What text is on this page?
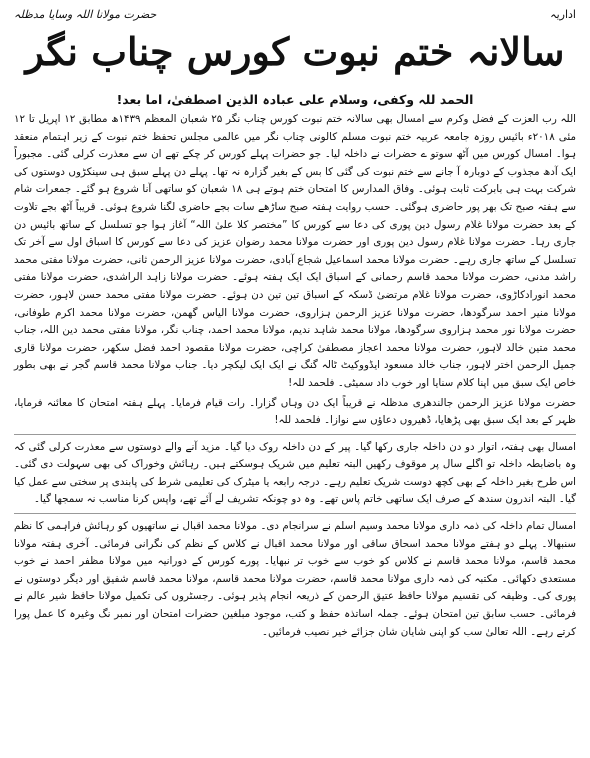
اداریہ
حضرت مولانا اللہ وسایا مدظلہ
سالانہ ختم نبوت کورس چناب نگر
الحمد للہ وکفی، وسلام علی عبادہ الذین اصطفیٰ، اما بعد!

اللہ رب العزت کے فضل وکرم سے امسال بھی سالانہ ختم نبوت کورس چناب نگر ۲۵ شعبان المعظم ۱۴۳۹ھ مطابق ۱۲ اپریل تا ۱۲ مئی ۲۰۱۸ء بائیس روزہ جامعہ عربیہ ختم نبوت مسلم کالونی چناب نگر میں عالمی مجلس تحفظ ختم نبوت کے زیر اہتمام منعقد ہوا۔ امسال کورس میں آٹھ سوتو ے حضرات نے داخلہ لیا۔ جو حضرات پہلے کورس کر چکے تھے ان سے معذرت کرلی گئی۔ مجبوراً ایک آدھ مجذوب کے دوبارہ آ جانے سے ختم نبوت کی گئی کا بس کے بغیر گزارہ نہ تھا۔ پہلے دن پہلے سبق ہی سینکڑوں دوستوں کی شرکت بہت ہی بابرکت ثابت ہوئی۔ وفاق المدارس کا امتحان ختم ہوتے ہی ۱۸ شعبان کو ساتھی آنا شروع ہو گئے۔ جمعرات شام سے ہفتہ صبح تک بھر پور حاضری ہوگئی۔ حسب روایت ہفتہ صبح ساڑھے سات بجے حاضری لگنا شروع ہوئی۔ قریباً آٹھ بجے تلاوت کے بعد حضرت مولانا غلام رسول دین پوری کی دعا سے کورس کا ”مختصر کلا علیٰ اللہ“ آغاز ہوا جو تسلسل کے ساتھ بائیس دن جاری رہا۔ حضرت مولانا غلام رسول دین پوری اور حضرت مولانا محمد رضوان عزیز کی دعا سے کورس کا اسباق اول سے آخر تک تسلسل کے ساتھ جاری رہے۔ حضرت مولانا محمد اسماعیل شجاع آبادی، حضرت مولانا عزیز الرحمن ثانی، حضرت مولانا مفتی محمد راشد مدنی، حضرت مولانا محمد قاسم رحمانی کے اسباق ایک ایک ہفتہ ہوئے۔ حضرت مولانا زاہد الراشدی، حضرت مولانا مفتی محمد انورادکاڑوی، حضرت مولانا غلام مرتضیٰ ڈسکہ کے اسباق تین تین دن ہوئے۔ حضرت مولانا مفتی محمد حسن لاہور، حضرت مولانا منیر احمد سرگودھا، حضرت مولانا عزیز الرحمن ہزاروی، حضرت مولانا الیاس گھمن، حضرت مولانا محمد اکرم طوفانی، حضرت مولانا نور محمد ہزاروی سرگودھا، مولانا محمد شاہد ندیم، مولانا محمد احمد، چناب نگر، مولانا مفتی محمد دین اللہ، جناب محمد متین خالد لاہور، حضرت مولانا محمد اعجاز مصطفیٰ کراچی، حضرت مولانا مقصود احمد فضل سکھر، حضرت مولانا قاری جمیل الرحمن اختر لاہور، جناب خالد مسعود ایڈووکیٹ ٹالہ گنگ نے ایک ایک لیکچر دیا۔ جناب مولانا محمد قاسم گجر نے بھی بطور خاص ایک سبق میں اپنا کلام سنایا اور خوب داد سمیٹی۔ فلحمد للہ!

حضرت مولانا عزیز الرحمن جالندھری مدظلہ نے قریباً ایک دن وہاں گزارا۔ رات قیام فرمایا۔ پہلے ہفتہ امتحان کا معائنہ فرمایا، ظہر کے بعد ایک سبق بھی پڑھایا، ڈھیروں دعاؤں سے نوازا۔ فلحمد للہ!

امسال بھی ہفتہ، اتوار دو دن داخلہ جاری رکھا گیا۔ پیر کے دن داخلہ روک دیا گیا۔ مزید آنے والے دوستوں سے معذرت کرلی گئی کہ وہ باضابطہ داخلہ تو اگلے سال پر موقوف رکھیں البتہ تعلیم میں شریک ہوسکتے ہیں۔ رہائش وخوراک کی بھی سہولت دی گئی۔ اس طرح بغیر داخلہ کے بھی کچھ دوست شریک تعلیم رہے۔ درجہ رابعہ یا میٹرک کی تعلیمی شرط کی پابندی پر سختی سے عمل کیا گیا۔ البتہ اندرون سندھ کے صرف ایک ساتھی خاتم پاس تھے۔ وہ دو چونکہ تشریف لے آئے تھے، واپس کرنا مناسب نہ سمجھا گیا۔

امسال تمام داخلہ کی ذمہ داری مولانا محمد وسیم اسلم نے سرانجام دی۔ مولانا محمد اقبال نے ساتھیوں کو رہائش فراہمی کا نظم سنبھالا۔ پہلے دو ہفتے مولانا محمد اسحاق ساقی اور مولانا محمد اقبال نے کلاس کے نظم کی نگرانی فرمائی۔ آخری ہفتہ مولانا محمد قاسم، مولانا محمد قاسم نے کلاس کو خوب سے خوب تر نبھایا۔ پورے کورس کے دورانیہ میں مولانا مظفر احمد نے خوب مستعدی دکھائی۔ مکتبہ کی ذمہ داری مولانا محمد قاسم، حضرت مولانا محمد قاسم، مولانا محمد قاسم شفیق اور دیگر دوستوں نے پوری کی۔ وظیفہ کی تقسیم مولانا حافظ عتیق الرحمن کے ذریعہ انجام پذیر ہوئی۔ رجسٹروں کی تکمیل مولانا حافظ شیر عالم نے فرمائی۔ حسب سابق تین امتحان ہوئے۔ جملہ اساتذہ حفظ و کتب، موجود مبلغین حضرات امتحان اور نمبر نگ وغیرہ کا عمل پورا کرتے رہے۔ اللہ تعالیٰ سب کو اپنی شایان شان جزائے خیر نصیب فرمائیں۔
